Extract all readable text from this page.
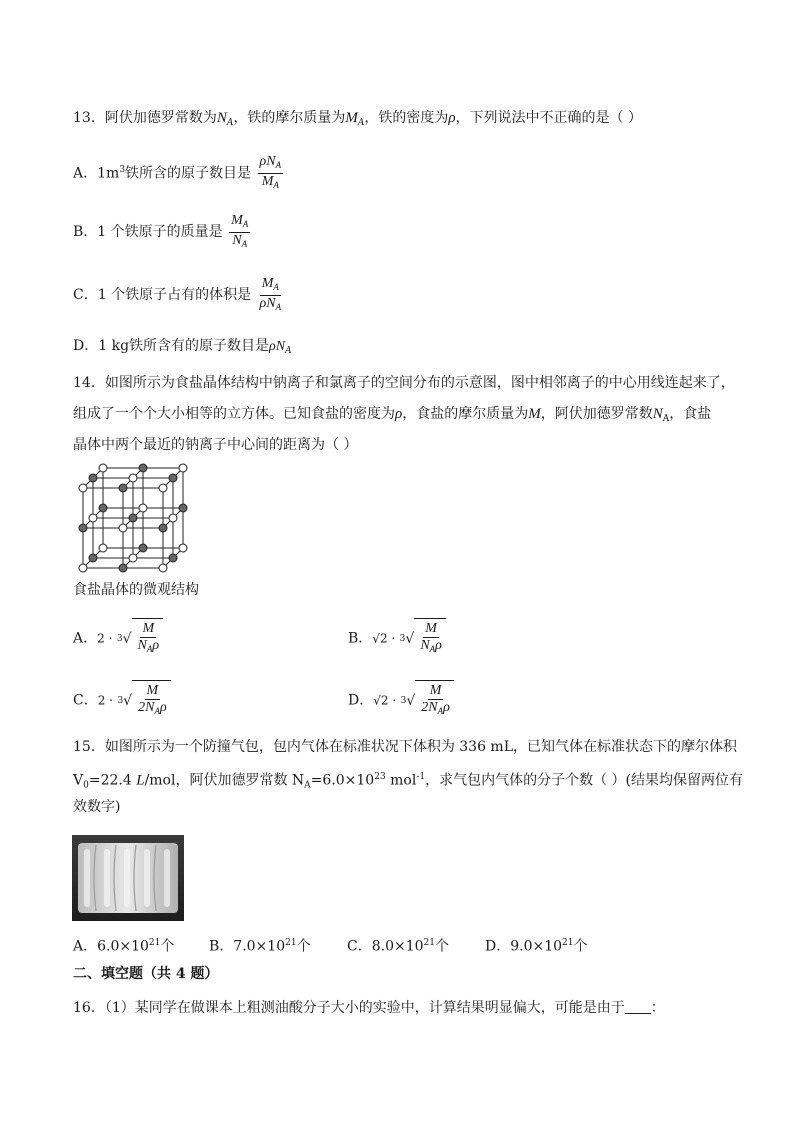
13．阿伏加德罗常数为$N_A$，铁的摩尔质量为$M_A$，铁的密度为ρ，下列说法中不正确的是（ ）
A．$1m^3$铁所含的原子数目是 $\frac{\rho N_A}{M_A}$
B．1 个铁原子的质量是 $\frac{M_A}{N_A}$
C．1 个铁原子占有的体积是 $\frac{M_A}{\rho N_A}$
D．1 kg铁所含有的原子数目是$\rho N_A$
14．如图所示为食盐晶体结构中钠离子和氯离子的空间分布的示意图，图中相邻离子的中心用线连起来了，
组成了一个个大小相等的立方体。已知食盐的密度为ρ，食盐的摩尔质量为M，阿伏加德罗常数$N_A$，食盐
晶体中两个最近的钠离子中心间的距离为（ ）
食盐晶体的微观结构
A．2 · 3 √ $\frac{M}{N_A\rho}$	B．√2 · 3 √ $\frac{M}{N_A\rho}$
C．2 · 3 √ $\frac{M}{2N_A\rho}$	D．√2 · 3 √ $\frac{M}{2N_A\rho}$
15．如图所示为一个防撞气包，包内气体在标准状况下体积为 336 mL，已知气体在标准状态下的摩尔体积
$V_0=22.4$ L/mol，阿伏加德罗常数 $N_A=6.0\times 10^{23}$ mol$^{-1}$，求气包内气体的分子个数（ ）(结果均保留两位有
效数字)
A．$6.0\times 10^{21}$个 B．$7.0\times 10^{21}$个	C．$8.0\times 10^{21}$个	D．$9.0\times 10^{21}$个
二、填空题（共 4 题）
16．（1）某同学在做课本上粗测油酸分子大小的实验中，计算结果明显偏大，可能是由于 ：
